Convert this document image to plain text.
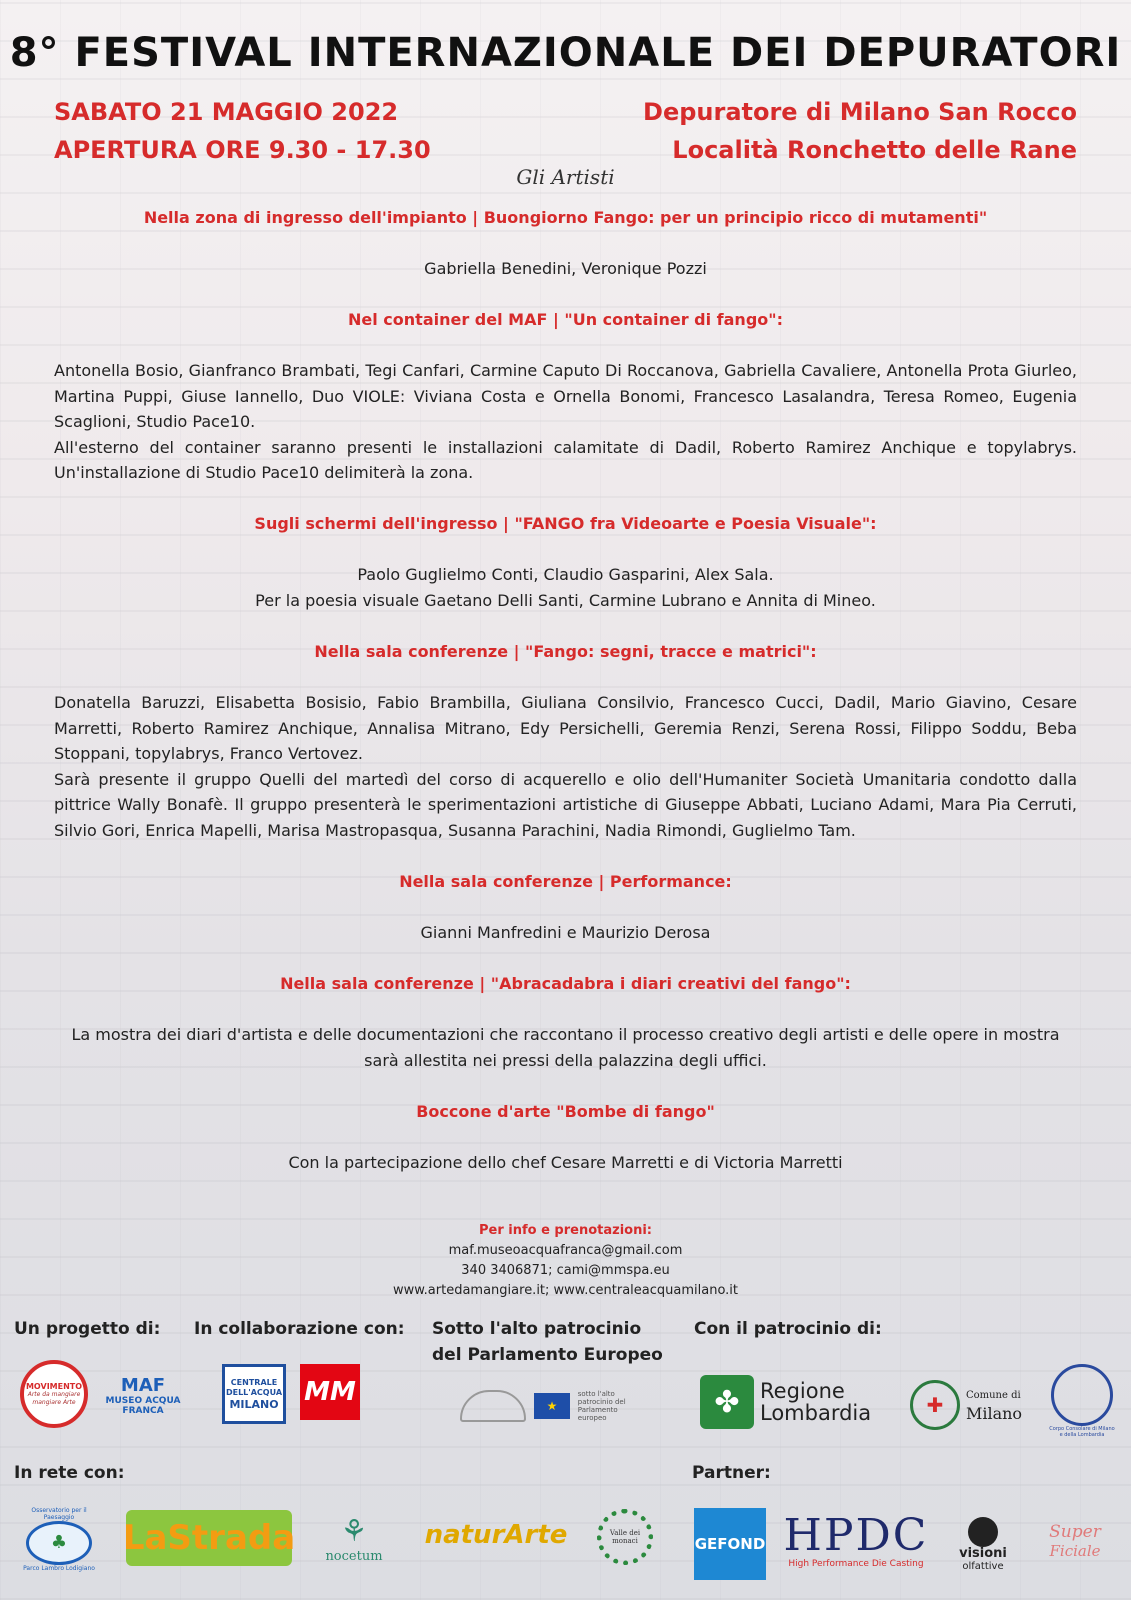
8° FESTIVAL INTERNAZIONALE DEI DEPURATORI
SABATO 21 MAGGIO 2022
APERTURA ORE 9.30 - 17.30
Depuratore di Milano San Rocco
Località Ronchetto delle Rane
Gli Artisti

Nella zona di ingresso dell'impianto | Buongiorno Fango: per un principio ricco di mutamenti"

Gabriella Benedini, Veronique Pozzi

Nel container del MAF | "Un container di fango":

Antonella Bosio, Gianfranco Brambati, Tegi Canfari, Carmine Caputo Di Roccanova, Gabriella Cavaliere, Antonella Prota Giurleo, Martina Puppi, Giuse Iannello, Duo VIOLE: Viviana Costa e Ornella Bonomi, Francesco Lasalandra, Teresa Romeo, Eugenia Scaglioni, Studio Pace10.

All'esterno del container saranno presenti le installazioni calamitate di Dadil, Roberto Ramirez Anchique e topylabrys. Un'installazione di Studio Pace10 delimiterà la zona.

Sugli schermi dell'ingresso | "FANGO fra Videoarte e Poesia Visuale":

Paolo Guglielmo Conti, Claudio Gasparini, Alex Sala.

Per la poesia visuale Gaetano Delli Santi, Carmine Lubrano e Annita di Mineo.

Nella sala conferenze | "Fango: segni, tracce e matrici":

Donatella Baruzzi, Elisabetta Bosisio, Fabio Brambilla, Giuliana Consilvio, Francesco Cucci, Dadil, Mario Giavino, Cesare Marretti, Roberto Ramirez Anchique, Annalisa Mitrano, Edy Persichelli, Geremia Renzi, Serena Rossi, Filippo Soddu, Beba Stoppani, topylabrys, Franco Vertovez.

Sarà presente il gruppo Quelli del martedì del corso di acquerello e olio dell'Humaniter Società Umanitaria condotto dalla pittrice Wally Bonafè. Il gruppo presenterà le sperimentazioni artistiche di Giuseppe Abbati, Luciano Adami, Mara Pia Cerruti, Silvio Gori, Enrica Mapelli, Marisa Mastropasqua, Susanna Parachini, Nadia Rimondi, Guglielmo Tam.

Nella sala conferenze | Performance:

Gianni Manfredini e Maurizio Derosa

Nella sala conferenze | "Abracadabra i diari creativi del fango":

La mostra dei diari d'artista e delle documentazioni che raccontano il processo creativo degli artisti e delle opere in mostra sarà allestita nei pressi della palazzina degli uffici.

Boccone d'arte "Bombe di fango"

Con la partecipazione dello chef Cesare Marretti e di Victoria Marretti

Per info e prenotazioni:
maf.museoacquafranca@gmail.com
340 3406871; cami@mmspa.eu
www.artedamangiare.it; www.centraleacquamilano.it
Un progetto di: In collaborazione con: Sotto l'alto patrocinio
del Parlamento Europeo
Con il patrocinio di:
In rete con:	Partner:
MOVIMENTO
Arte da mangiare mangiare Arte
MAF
MUSEO ACQUA FRANCA
CENTRALE DELL'ACQUA
MILANO MM	★
sotto l'alto patrocinio del Parlamento europeo	✤ Regione
Lombardia	✚	Comune di
Milano
Corpo Consolare di Milano e della Lombardia
Osservatorio per il Paesaggio
♣
Parco Lambro Lodigiano
LaStrada ⚘
nocetum
naturArte	Valle dei monaci	GEFOND HPDC
High Performance Die Casting
visioni
olfattive
Super
Ficiale
